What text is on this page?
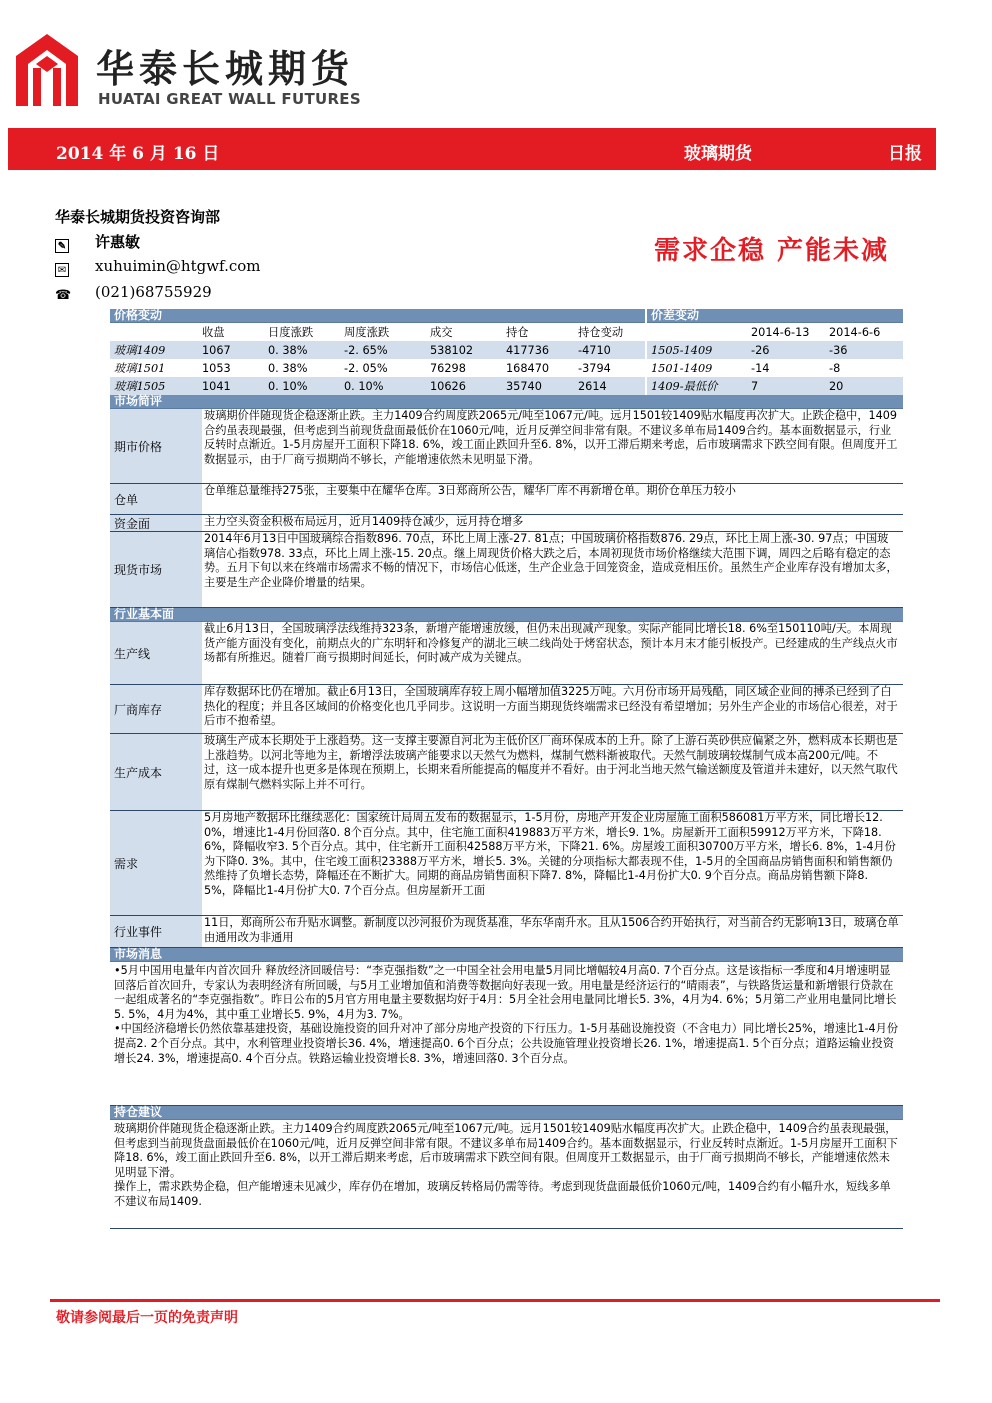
华泰长城期货
HUATAI GREAT WALL FUTURES
2014 年 6 月 16 日	玻璃期货	日报
华泰长城期货投资咨询部
✎ 许惠敏
✉ xuhuimin@htgwf.com
☎ (021)68755929
需求企稳 产能未减
价格变动
	收盘	日度涨跌	周度涨跌	成交	持仓	持仓变动
玻璃1409	1067	0. 38%	-2. 65%	538102	417736	-4710
玻璃1501	1053	0. 38%	-2. 05%	76298	168470	-3794
玻璃1505	1041	0. 10%	0. 10%	10626	35740	2614
价差变动
	2014-6-13	2014-6-6
1505-1409	-26	-36
1501-1409	-14	-8
1409-最低价	7	20
市场简评
期市价格
玻璃期价伴随现货企稳逐渐止跌。主力1409合约周度跌2065元/吨至1067元/吨。远月1501较1409贴水幅度再次扩大。止跌企稳中，1409合约虽表现最强，但考虑到当前现货盘面最低价在1060元/吨，近月反弹空间非常有限。不建议多单布局1409合约。基本面数据显示，行业反转时点渐近。1-5月房屋开工面积下降18. 6%，竣工面止跌回升至6. 8%，以开工滞后期来考虑，后市玻璃需求下跌空间有限。但周度开工数据显示，由于厂商亏损期尚不够长，产能增速依然未见明显下滑。
仓单
仓单维总量维持275张，主要集中在耀华仓库。3日郑商所公告，耀华厂库不再新增仓单。期价仓单压力较小
资金面	主力空头资金积极布局远月，近月1409持仓减少，远月持仓增多
现货市场
2014年6月13日中国玻璃综合指数896. 70点，环比上周上涨-27. 81点；中国玻璃价格指数876. 29点，环比上周上涨-30. 97点；中国玻璃信心指数978. 33点，环比上周上涨-15. 20点。继上周现货价格大跌之后，本周初现货市场价格继续大范围下调，周四之后略有稳定的态势。五月下旬以来在终端市场需求不畅的情况下，市场信心低迷，生产企业急于回笼资金，造成竞相压价。虽然生产企业库存没有增加太多，主要是生产企业降价增量的结果。
行业基本面
生产线
截止6月13日，全国玻璃浮法线维持323条，新增产能增速放缓，但仍未出现减产现象。实际产能同比增长18. 6%至150110吨/天。本周现货产能方面没有变化，前期点火的广东明轩和冷修复产的湖北三峡二线尚处于烤窑状态，预计本月末才能引板投产。已经建成的生产线点火市场都有所推迟。随着厂商亏损期时间延长，何时减产成为关键点。
厂商库存
库存数据环比仍在增加。截止6月13日，全国玻璃库存较上周小幅增加值3225万吨。六月份市场开局残酷，同区域企业间的搏杀已经到了白热化的程度；并且各区域间的价格变化也几乎同步。这说明一方面当期现货终端需求已经没有希望增加；另外生产企业的市场信心很差，对于后市不抱希望。
生产成本
玻璃生产成本长期处于上涨趋势。这一支撑主要源自河北为主低价区厂商环保成本的上升。除了上游石英砂供应偏紧之外，燃料成本长期也是上涨趋势。以河北等地为主，新增浮法玻璃产能要求以天然气为燃料，煤制气燃料渐被取代。天然气制玻璃较煤制气成本高200元/吨。不过，这一成本提升也更多是体现在预期上，长期来看所能提高的幅度并不看好。由于河北当地天然气输送额度及管道并未建好，以天然气取代原有煤制气燃料实际上并不可行。
需求
5月房地产数据环比继续恶化：国家统计局周五发布的数据显示，1-5月份，房地产开发企业房屋施工面积586081万平方米，同比增长12. 0%，增速比1-4月份回落0. 8个百分点。其中，住宅施工面积419883万平方米，增长9. 1%。房屋新开工面积59912万平方米，下降18. 6%，降幅收窄3. 5个百分点。其中，住宅新开工面积42588万平方米，下降21. 6%。房屋竣工面积30700万平方米，增长6. 8%，1-4月份为下降0. 3%。其中，住宅竣工面积23388万平方米，增长5. 3%。关键的分项指标大都表现不佳，1-5月的全国商品房销售面积和销售额仍然维持了负增长态势，降幅还在不断扩大。同期的商品房销售面积下降7. 8%，降幅比1-4月份扩大0. 9个百分点。商品房销售额下降8. 5%，降幅比1-4月份扩大0. 7个百分点。但房屋新开工面
行业事件
11日，郑商所公布升贴水调整。新制度以沙河报价为现货基准，华东华南升水。且从1506合约开始执行，对当前合约无影响13日，玻璃仓单由通用改为非通用
市场消息
•5月中国用电量年内首次回升 释放经济回暖信号：“李克强指数”之一中国全社会用电量5月同比增幅较4月高0. 7个百分点。这是该指标一季度和4月增速明显回落后首次回升，专家认为表明经济有所回暖，与5月工业增加值和消费等数据向好表现一致。用电量是经济运行的“晴雨表”，与铁路货运量和新增银行贷款在一起组成著名的“李克强指数”。昨日公布的5月官方用电量主要数据均好于4月：5月全社会用电量同比增长5. 3%，4月为4. 6%；5月第二产业用电量同比增长5. 5%，4月为4%，其中重工业增长5. 9%，4月为3. 7%。
•中国经济稳增长仍然依靠基建投资，基础设施投资的回升对冲了部分房地产投资的下行压力。1-5月基础设施投资（不含电力）同比增长25%，增速比1-4月份提高2. 2个百分点。其中，水利管理业投资增长36. 4%，增速提高0. 6个百分点；公共设施管理业投资增长26. 1%，增速提高1. 5个百分点；道路运输业投资增长24. 3%，增速提高0. 4个百分点。铁路运输业投资增长8. 3%，增速回落0. 3个百分点。
持仓建议
玻璃期价伴随现货企稳逐渐止跌。主力1409合约周度跌2065元/吨至1067元/吨。远月1501较1409贴水幅度再次扩大。止跌企稳中，1409合约虽表现最强，但考虑到当前现货盘面最低价在1060元/吨，近月反弹空间非常有限。不建议多单布局1409合约。基本面数据显示，行业反转时点渐近。1-5月房屋开工面积下降18. 6%，竣工面止跌回升至6. 8%，以开工滞后期来考虑，后市玻璃需求下跌空间有限。但周度开工数据显示，由于厂商亏损期尚不够长，产能增速依然未见明显下滑。
操作上，需求跌势企稳，但产能增速未见减少，库存仍在增加，玻璃反转格局仍需等待。考虑到现货盘面最低价1060元/吨，1409合约有小幅升水，短线多单不建议布局1409.
敬请参阅最后一页的免责声明
